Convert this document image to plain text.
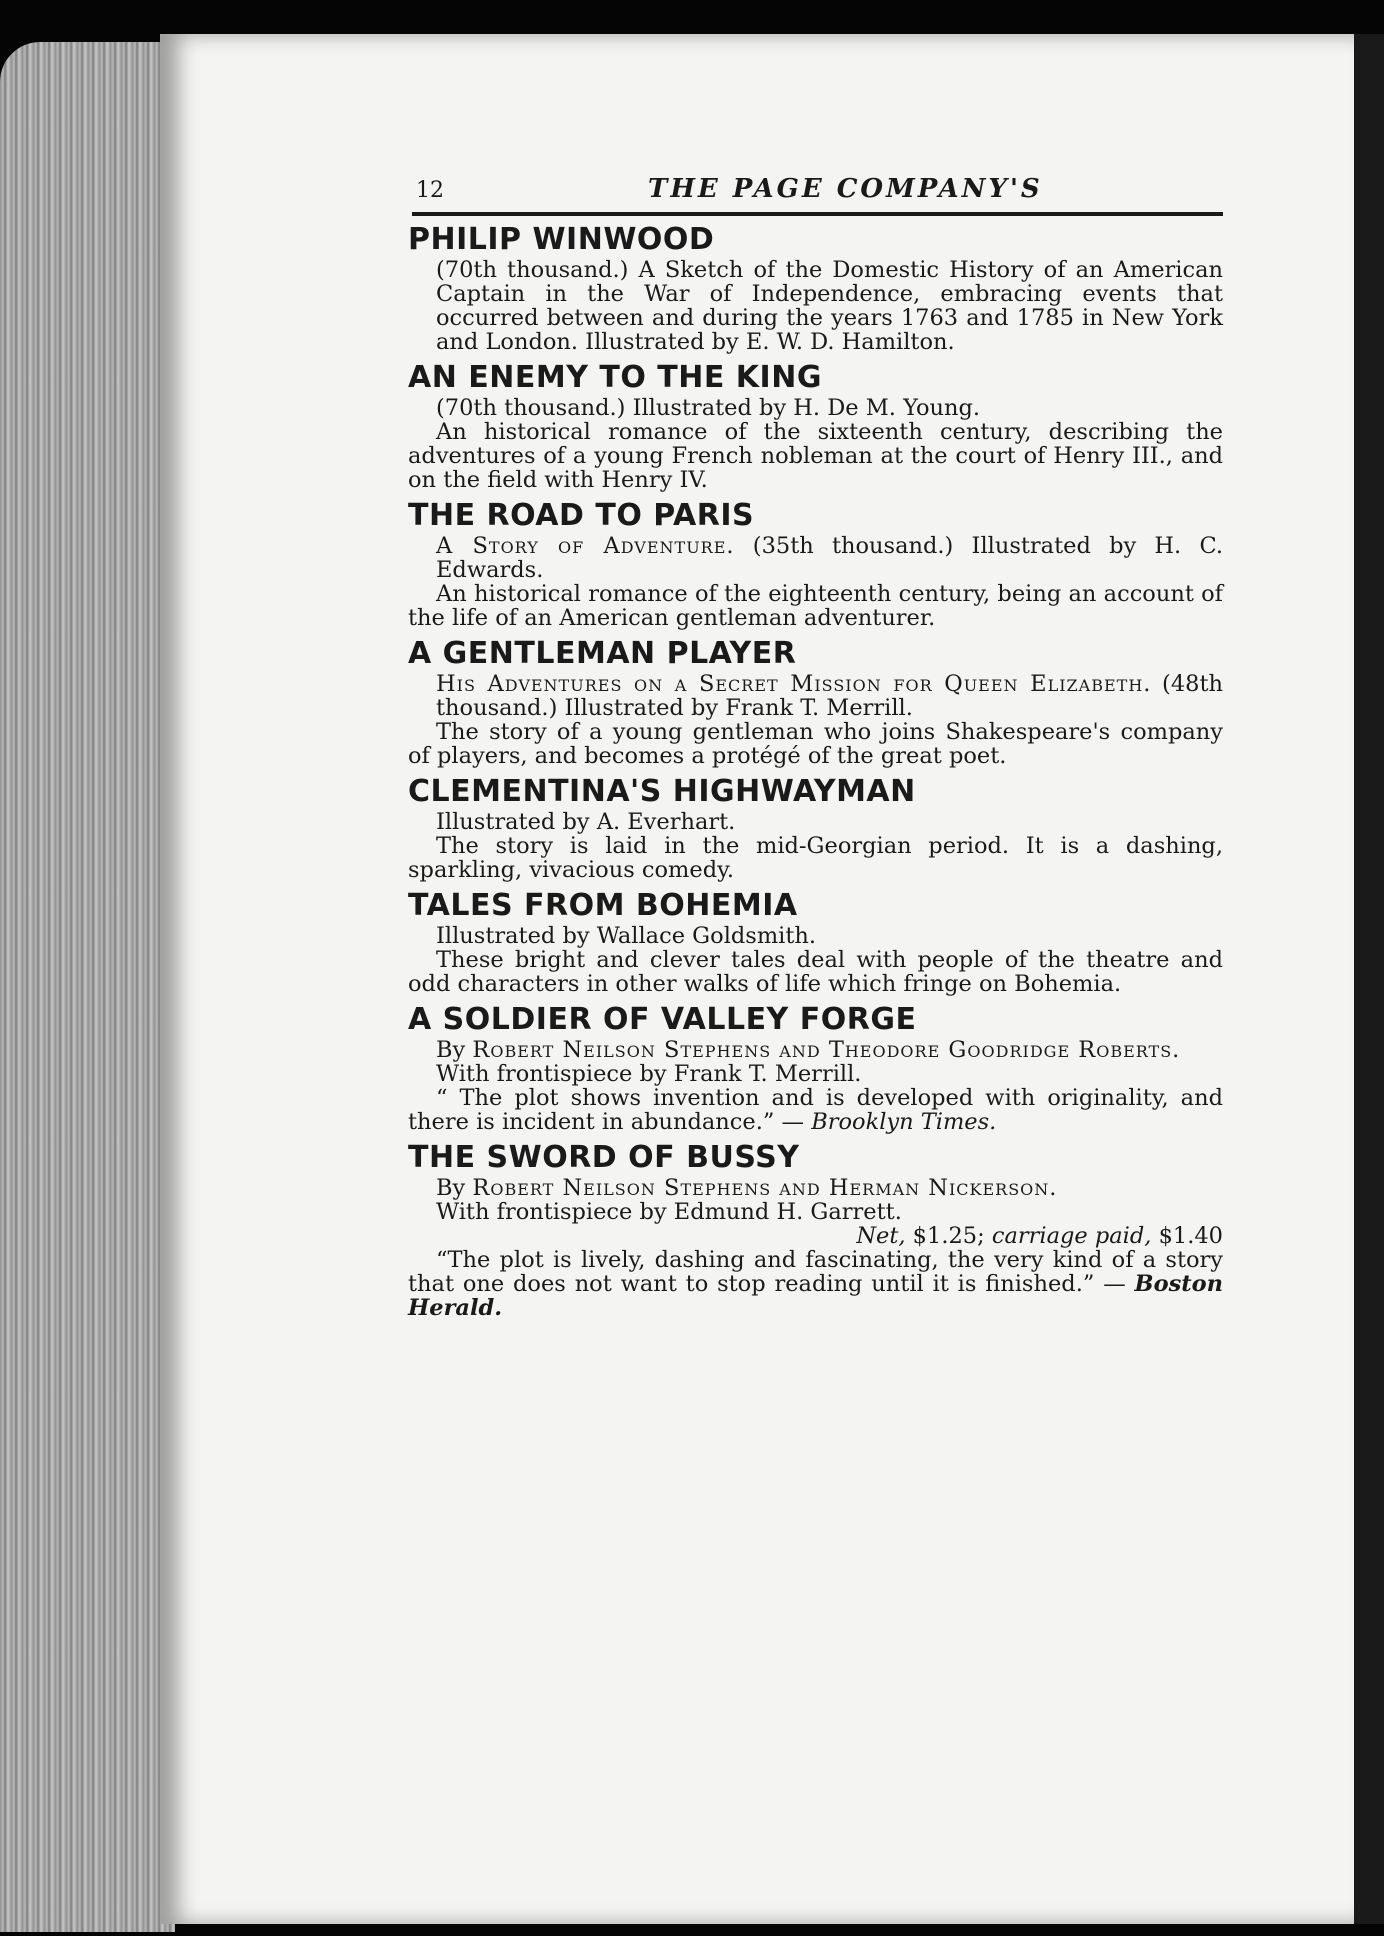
12	THE PAGE COMPANY'S
PHILIP WINWOOD

(70th thousand.) A Sketch of the Domestic History of an American Captain in the War of Independence, embracing events that occurred between and during the years 1763 and 1785 in New York and London. Illustrated by E. W. D. Hamilton.

AN ENEMY TO THE KING

(70th thousand.) Illustrated by H. De M. Young.

An historical romance of the sixteenth century, describing the adventures of a young French nobleman at the court of Henry III., and on the field with Henry IV.

THE ROAD TO PARIS

A Story of Adventure. (35th thousand.) Illustrated by H. C. Edwards.

An historical romance of the eighteenth century, being an account of the life of an American gentleman adventurer.

A GENTLEMAN PLAYER

His Adventures on a Secret Mission for Queen Elizabeth. (48th thousand.) Illustrated by Frank T. Merrill.

The story of a young gentleman who joins Shakespeare's company of players, and becomes a protégé of the great poet.

CLEMENTINA'S HIGHWAYMAN

Illustrated by A. Everhart.

The story is laid in the mid-Georgian period. It is a dashing, sparkling, vivacious comedy.

TALES FROM BOHEMIA

Illustrated by Wallace Goldsmith.

These bright and clever tales deal with people of the theatre and odd characters in other walks of life which fringe on Bohemia.

A SOLDIER OF VALLEY FORGE

By Robert Neilson Stephens and Theodore Goodridge Roberts.

With frontispiece by Frank T. Merrill.

“ The plot shows invention and is developed with originality, and there is incident in abundance.” — Brooklyn Times.

THE SWORD OF BUSSY

By Robert Neilson Stephens and Herman Nickerson.

With frontispiece by Edmund H. Garrett.

Net, $1.25; carriage paid, $1.40

“The plot is lively, dashing and fascinating, the very kind of a story that one does not want to stop reading until it is finished.” — Boston Herald.
